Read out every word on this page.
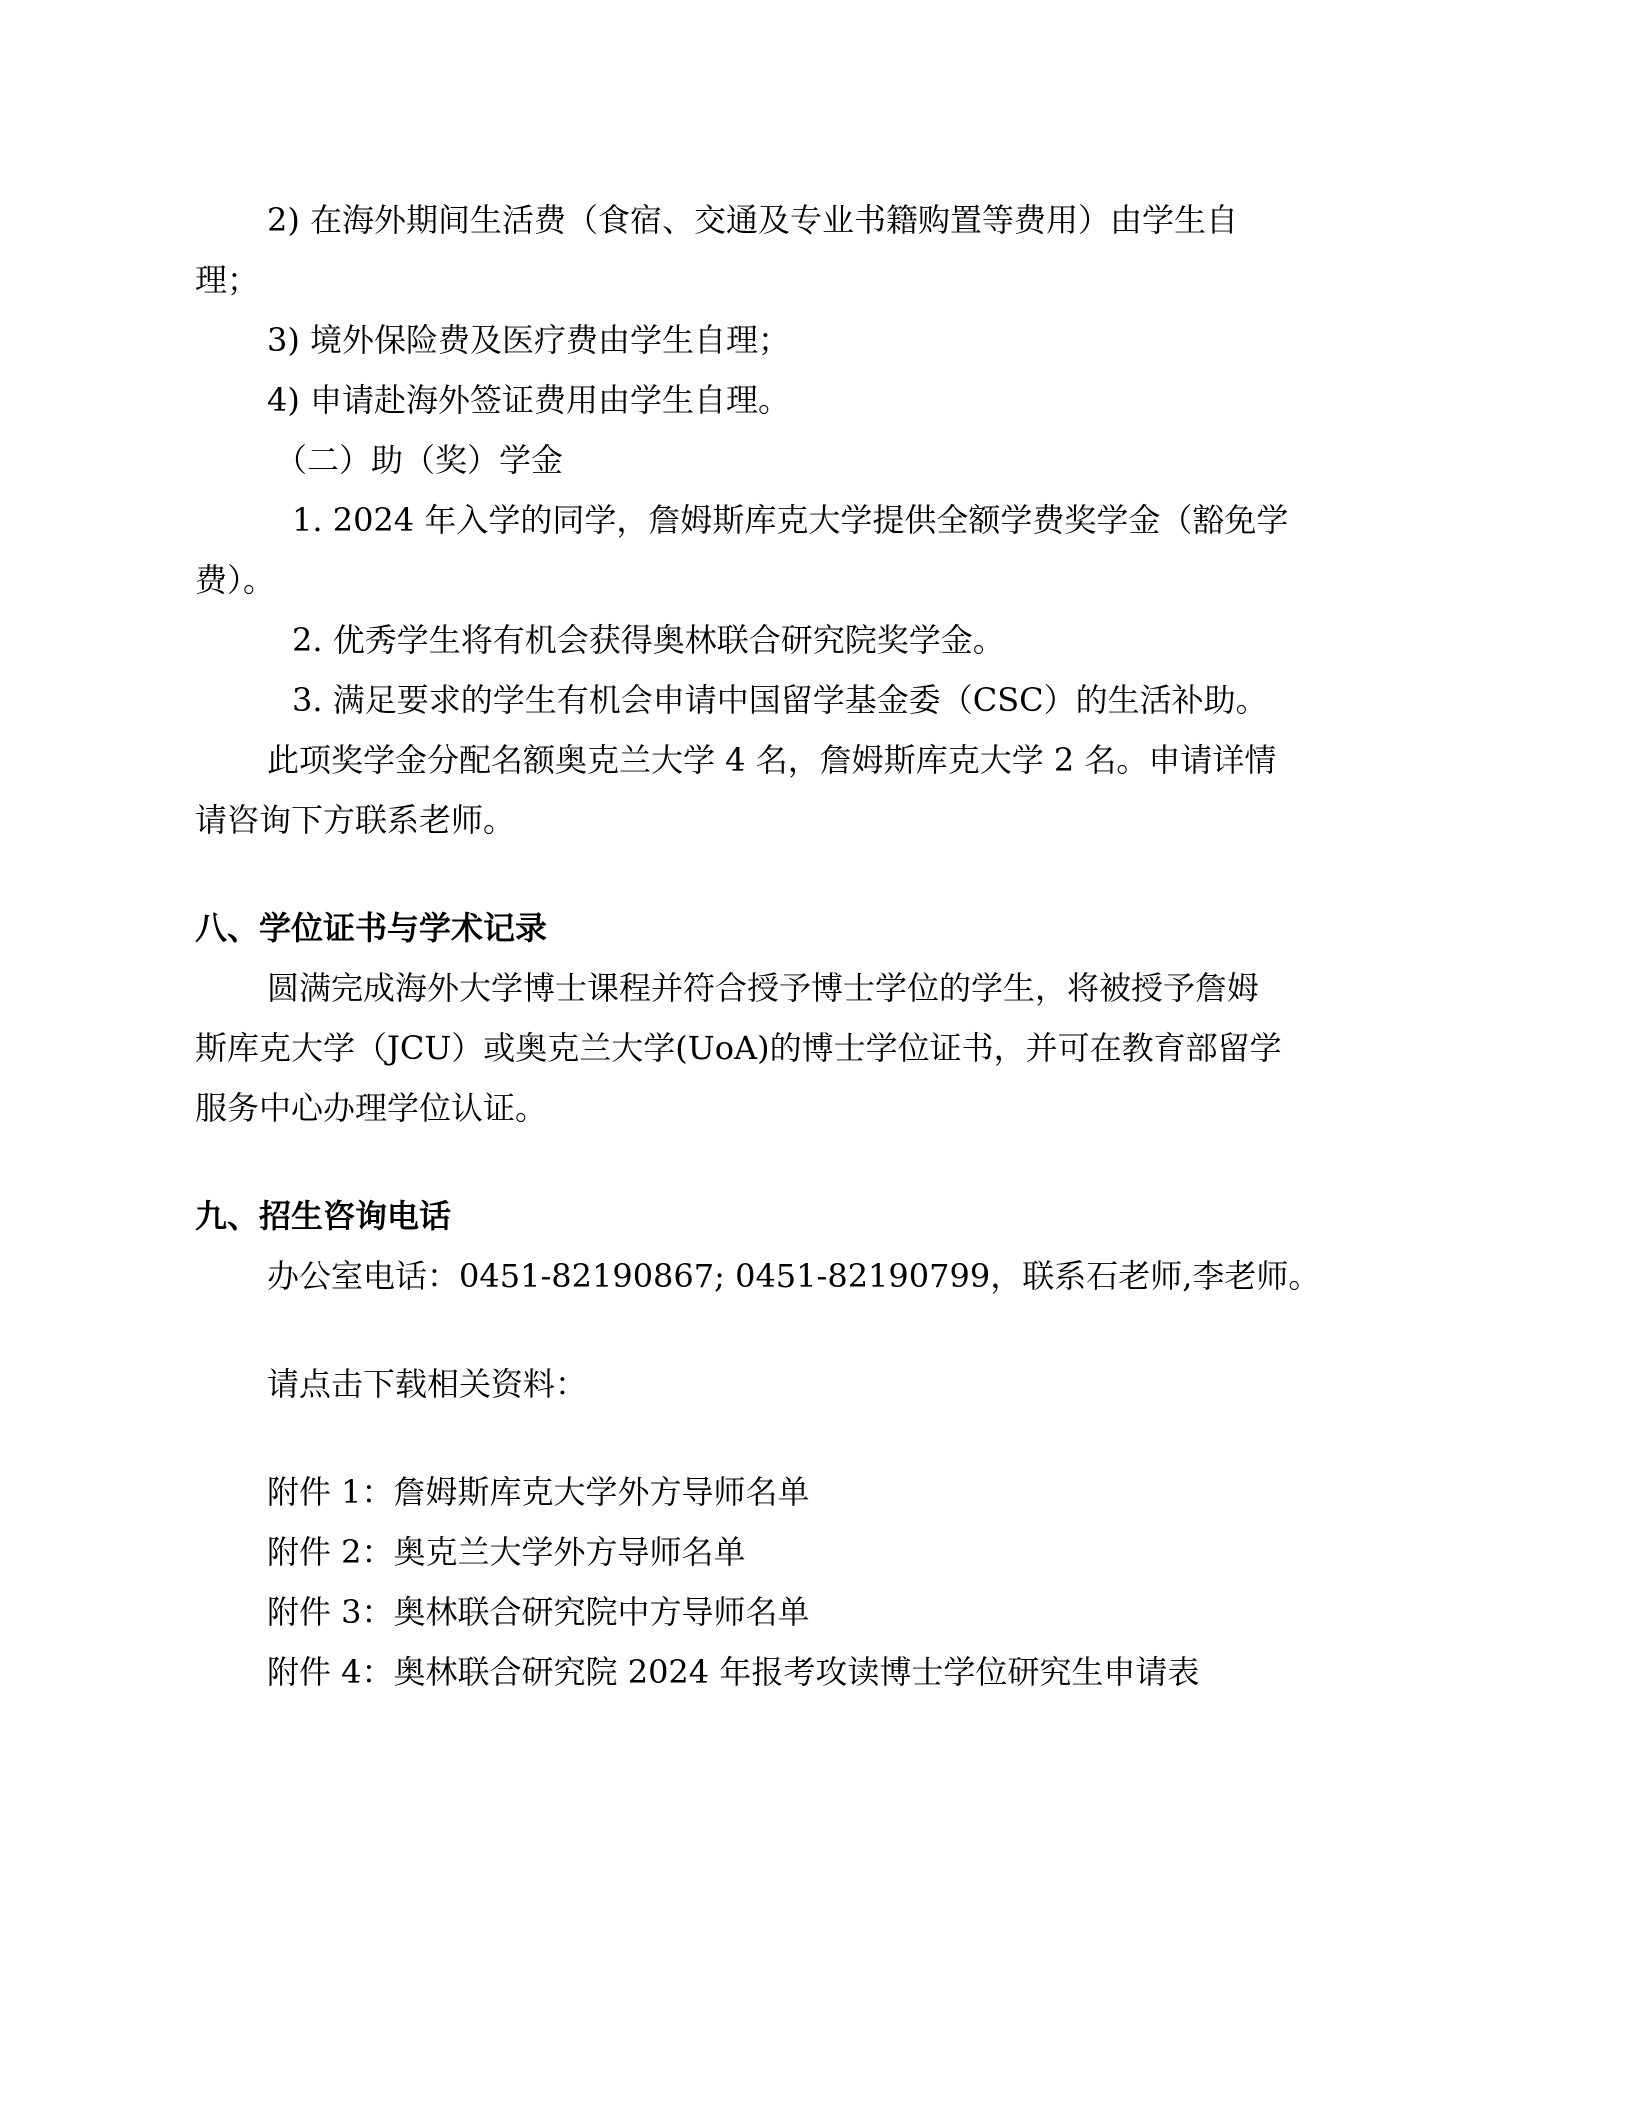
2) 在海外期间生活费（食宿、交通及专业书籍购置等费用）由学生自

理；

3) 境外保险费及医疗费由学生自理；

4) 申请赴海外签证费用由学生自理。

（二）助（奖）学金

1. 2024 年入学的同学，詹姆斯库克大学提供全额学费奖学金（豁免学

费）。

2. 优秀学生将有机会获得奥林联合研究院奖学金。

3. 满足要求的学生有机会申请中国留学基金委（CSC）的生活补助。

此项奖学金分配名额奥克兰大学 4 名，詹姆斯库克大学 2 名。申请详情

请咨询下方联系老师。

八、学位证书与学术记录

圆满完成海外大学博士课程并符合授予博士学位的学生，将被授予詹姆

斯库克大学（JCU）或奥克兰大学(UoA)的博士学位证书，并可在教育部留学

服务中心办理学位认证。

九、招生咨询电话

办公室电话：0451-82190867; 0451-82190799，联系石老师,李老师。

请点击下载相关资料：

附件 1：詹姆斯库克大学外方导师名单

附件 2：奥克兰大学外方导师名单

附件 3：奥林联合研究院中方导师名单

附件 4：奥林联合研究院 2024 年报考攻读博士学位研究生申请表
